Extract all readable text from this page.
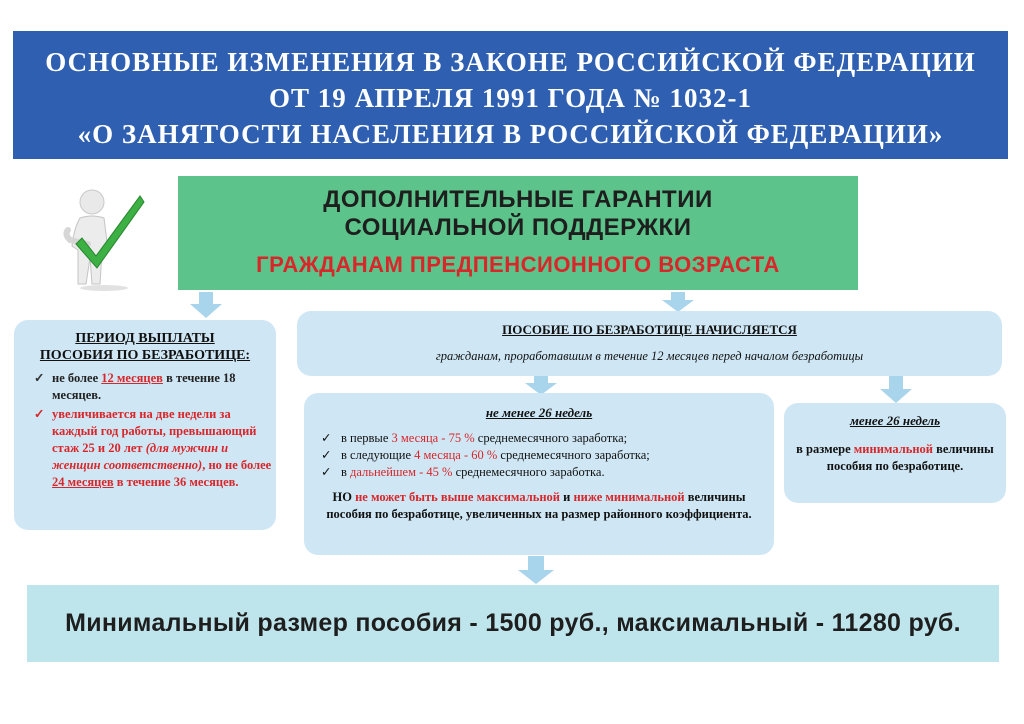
ОСНОВНЫЕ ИЗМЕНЕНИЯ В ЗАКОНЕ РОССИЙСКОЙ ФЕДЕРАЦИИ
ОТ 19 АПРЕЛЯ 1991 ГОДА № 1032-1
«О ЗАНЯТОСТИ НАСЕЛЕНИЯ В РОССИЙСКОЙ ФЕДЕРАЦИИ»
ДОПОЛНИТЕЛЬНЫЕ ГАРАНТИИ
СОЦИАЛЬНОЙ ПОДДЕРЖКИ
ГРАЖДАНАМ ПРЕДПЕНСИОННОГО ВОЗРАСТА
ПЕРИОД ВЫПЛАТЫ
ПОСОБИЯ ПО БЕЗРАБОТИЦЕ:
✓ не более 12 месяцев в течение 18 месяцев.
✓ увеличивается на две недели за каждый год работы, превышающий стаж 25 и 20 лет (для мужчин и женщин соответственно), но не более 24 месяцев в течение 36 месяцев.
ПОСОБИЕ ПО БЕЗРАБОТИЦЕ НАЧИСЛЯЕТСЯ
гражданам, проработавшим в течение 12 месяцев перед началом безработицы
не менее 26 недель
✓ в первые 3 месяца - 75 % среднемесячного заработка;
✓ в следующие 4 месяца - 60 % среднемесячного заработка;
✓ в дальнейшем - 45 % среднемесячного заработка.
НО не может быть выше максимальной и ниже минимальной величины пособия по безработице, увеличенных на размер районного коэффициента.
менее 26 недель
в размере минимальной величины пособия по безработице.
Минимальный размер пособия - 1500 руб., максимальный - 11280 руб.
